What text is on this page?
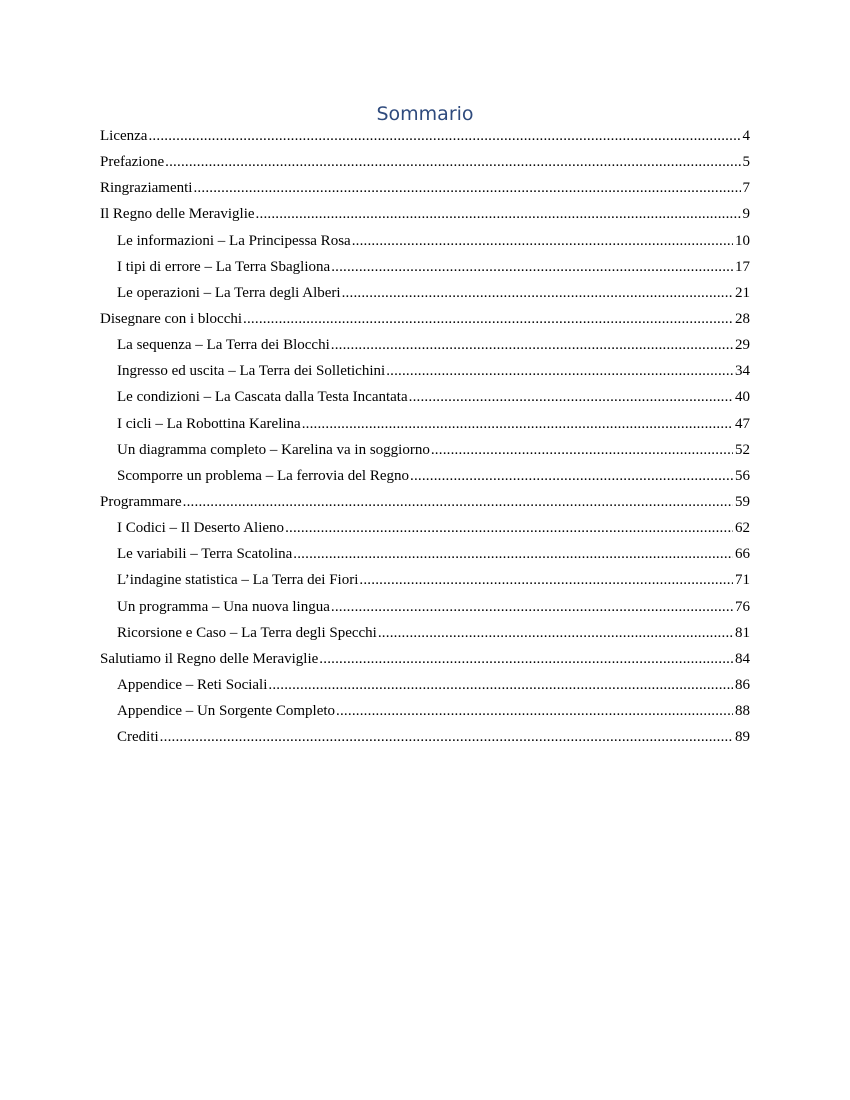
Sommario
Licenza .....	4
Prefazione .....	5
Ringraziamenti .....	7
Il Regno delle Meraviglie .....	9
Le informazioni – La Principessa Rosa .....	10
I tipi di errore – La Terra Sbagliona .....	17
Le operazioni – La Terra degli Alberi .....	21
Disegnare con i blocchi .....	28
La sequenza – La Terra dei Blocchi .....	29
Ingresso ed uscita – La Terra dei Solletichini .....	34
Le condizioni – La Cascata dalla Testa Incantata .....	40
I cicli – La Robottina Karelina .....	47
Un diagramma completo – Karelina va in soggiorno .....	52
Scomporre un problema – La ferrovia del Regno .....	56
Programmare .....	59
I Codici – Il Deserto Alieno .....	62
Le variabili – Terra Scatolina .....	66
L’indagine statistica – La Terra dei Fiori .....	71
Un programma – Una nuova lingua .....	76
Ricorsione e Caso – La Terra degli Specchi .....	81
Salutiamo il Regno delle Meraviglie .....	84
Appendice – Reti Sociali .....	86
Appendice – Un Sorgente Completo .....	88
Crediti .....	89
